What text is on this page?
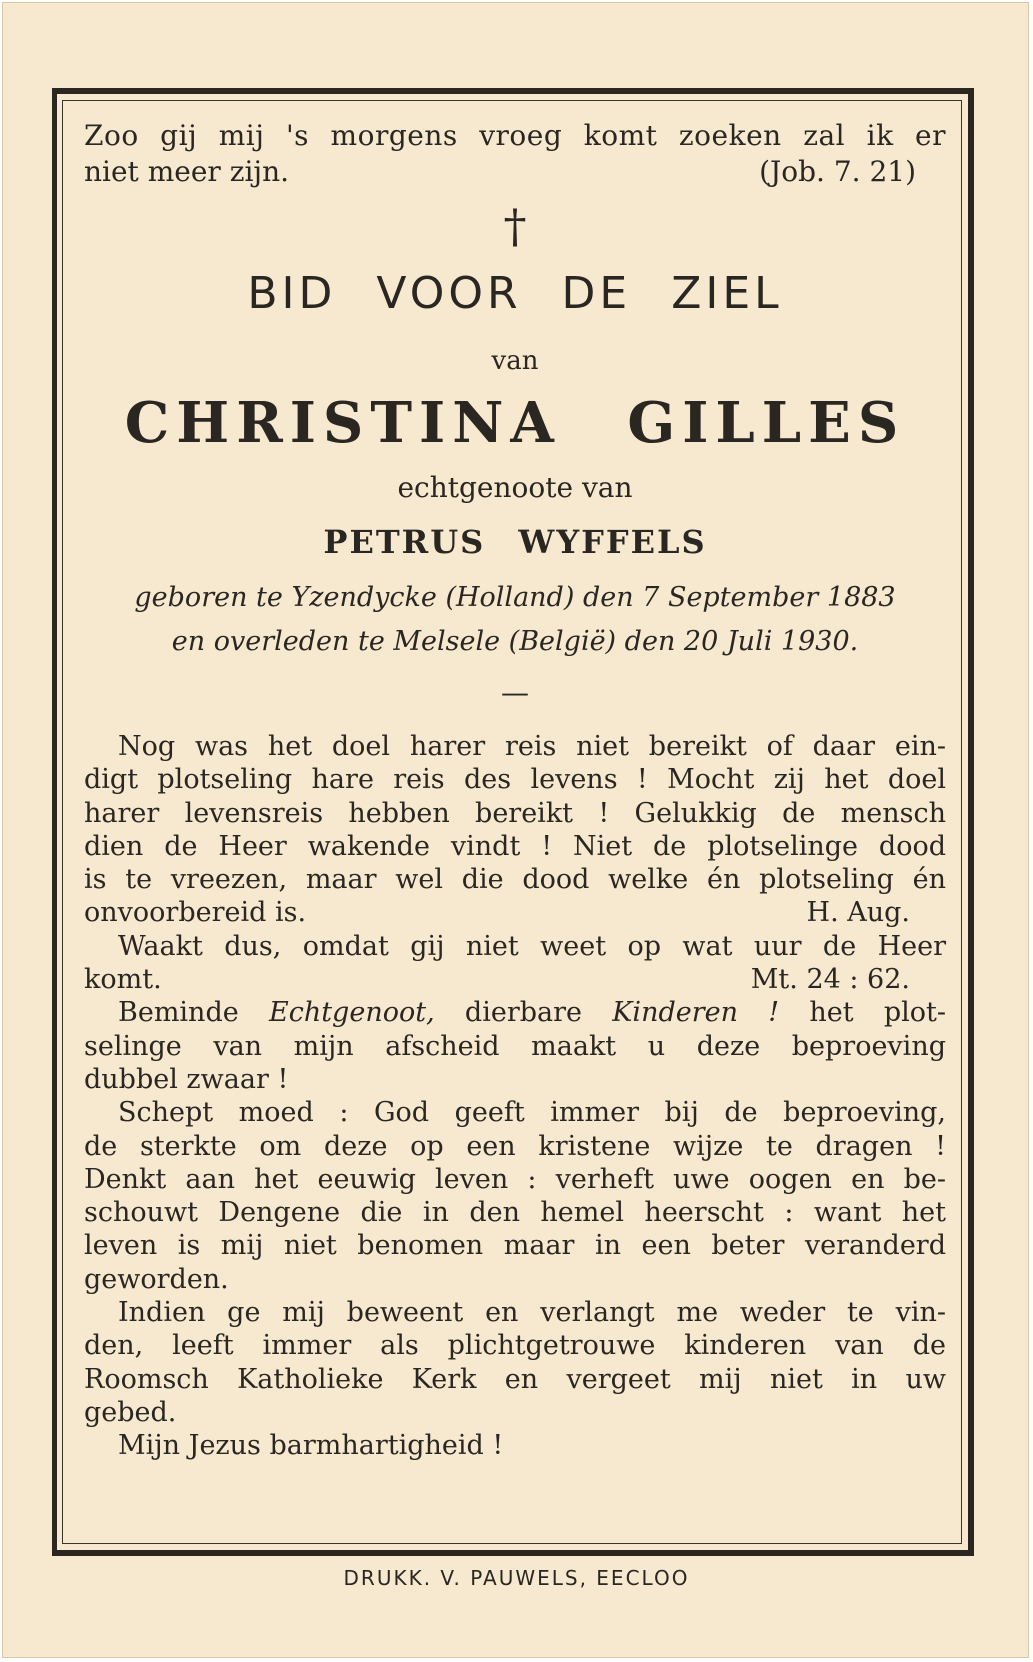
Zoo gij mij 's morgens vroeg komt zoeken zal ik er
niet meer zijn.	(Job. 7. 21)
†
BID VOOR DE ZIEL
van
CHRISTINA GILLES
echtgenoote van
PETRUS WYFFELS
geboren te Yzendycke (Holland) den 7 September 1883
en overleden te Melsele (België) den 20 Juli 1930.
—
Nog was het doel harer reis niet bereikt of daar ein-
digt plotseling hare reis des levens ! Mocht zij het doel
harer levensreis hebben bereikt ! Gelukkig de mensch
dien de Heer wakende vindt ! Niet de plotselinge dood
is te vreezen, maar wel die dood welke én plotseling én
onvoorbereid is.	H. Aug.
Waakt dus, omdat gij niet weet op wat uur de Heer
komt.	Mt. 24 : 62.
Beminde Echtgenoot, dierbare Kinderen ! het plot-
selinge van mijn afscheid maakt u deze beproeving
dubbel zwaar !
Schept moed : God geeft immer bij de beproeving,
de sterkte om deze op een kristene wijze te dragen !
Denkt aan het eeuwig leven : verheft uwe oogen en be-
schouwt Dengene die in den hemel heerscht : want het
leven is mij niet benomen maar in een beter veranderd
geworden.
Indien ge mij beweent en verlangt me weder te vin-
den, leeft immer als plichtgetrouwe kinderen van de
Roomsch Katholieke Kerk en vergeet mij niet in uw
gebed.
Mijn Jezus barmhartigheid !
DRUKK. V. PAUWELS, EECLOO
